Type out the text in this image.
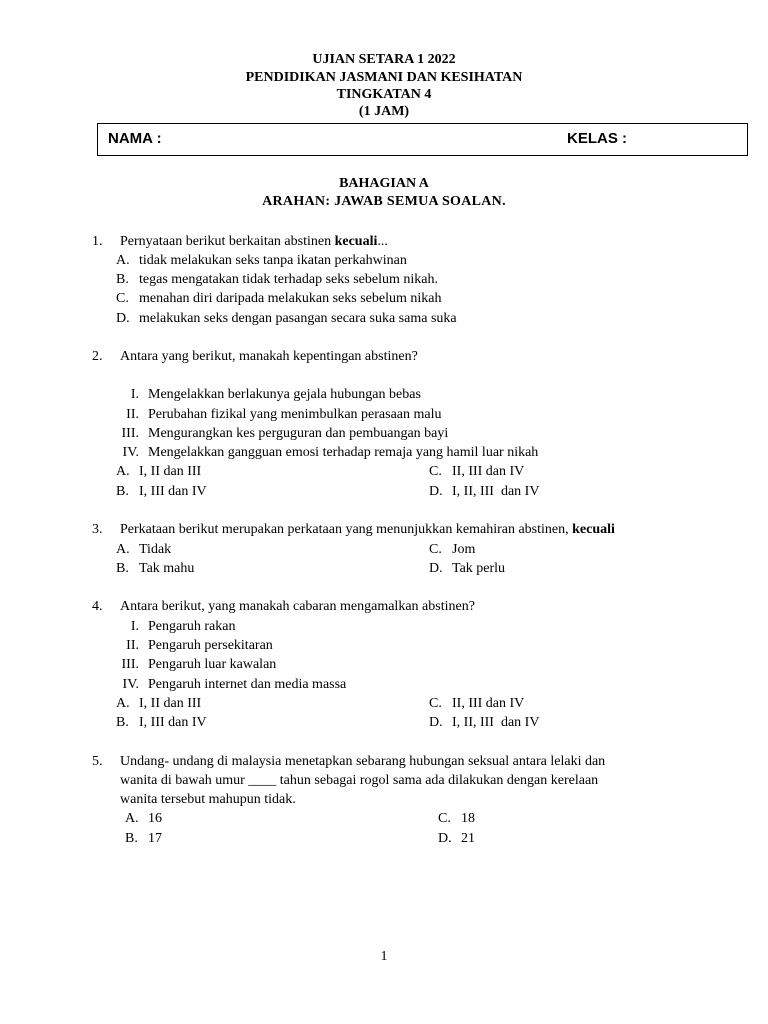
UJIAN SETARA 1 2022
PENDIDIKAN JASMANI DAN KESIHATAN
TINGKATAN 4
(1 JAM)
NAMA :	KELAS :
BAHAGIAN A
ARAHAN: JAWAB SEMUA SOALAN.
1. Pernyataan berikut berkaitan abstinen kecuali...
A. tidak melakukan seks tanpa ikatan perkahwinan
B. tegas mengatakan tidak terhadap seks sebelum nikah.
C. menahan diri daripada melakukan seks sebelum nikah
D. melakukan seks dengan pasangan secara suka sama suka
2. Antara yang berikut, manakah kepentingan abstinen?
I. Mengelakkan berlakunya gejala hubungan bebas
II. Perubahan fizikal yang menimbulkan perasaan malu
III. Mengurangkan kes perguguran dan pembuangan bayi
IV. Mengelakkan gangguan emosi terhadap remaja yang hamil luar nikah
A. I, II dan III
B. I, III dan IV
C. II, III dan IV
D. I, II, III  dan IV
3. Perkataan berikut merupakan perkataan yang menunjukkan kemahiran abstinen, kecuali
A. Tidak
B. Tak mahu
C. Jom
D. Tak perlu
4. Antara berikut, yang manakah cabaran mengamalkan abstinen?
I. Pengaruh rakan
II. Pengaruh persekitaran
III. Pengaruh luar kawalan
IV. Pengaruh internet dan media massa
A. I, II dan III
B. I, III dan IV
C. II, III dan IV
D. I, II, III  dan IV
5. Undang- undang di malaysia menetapkan sebarang hubungan seksual antara lelaki dan
wanita di bawah umur ____ tahun sebagai rogol sama ada dilakukan dengan kerelaan
wanita tersebut mahupun tidak.
A. 16
B. 17
C. 18
D. 21
1
